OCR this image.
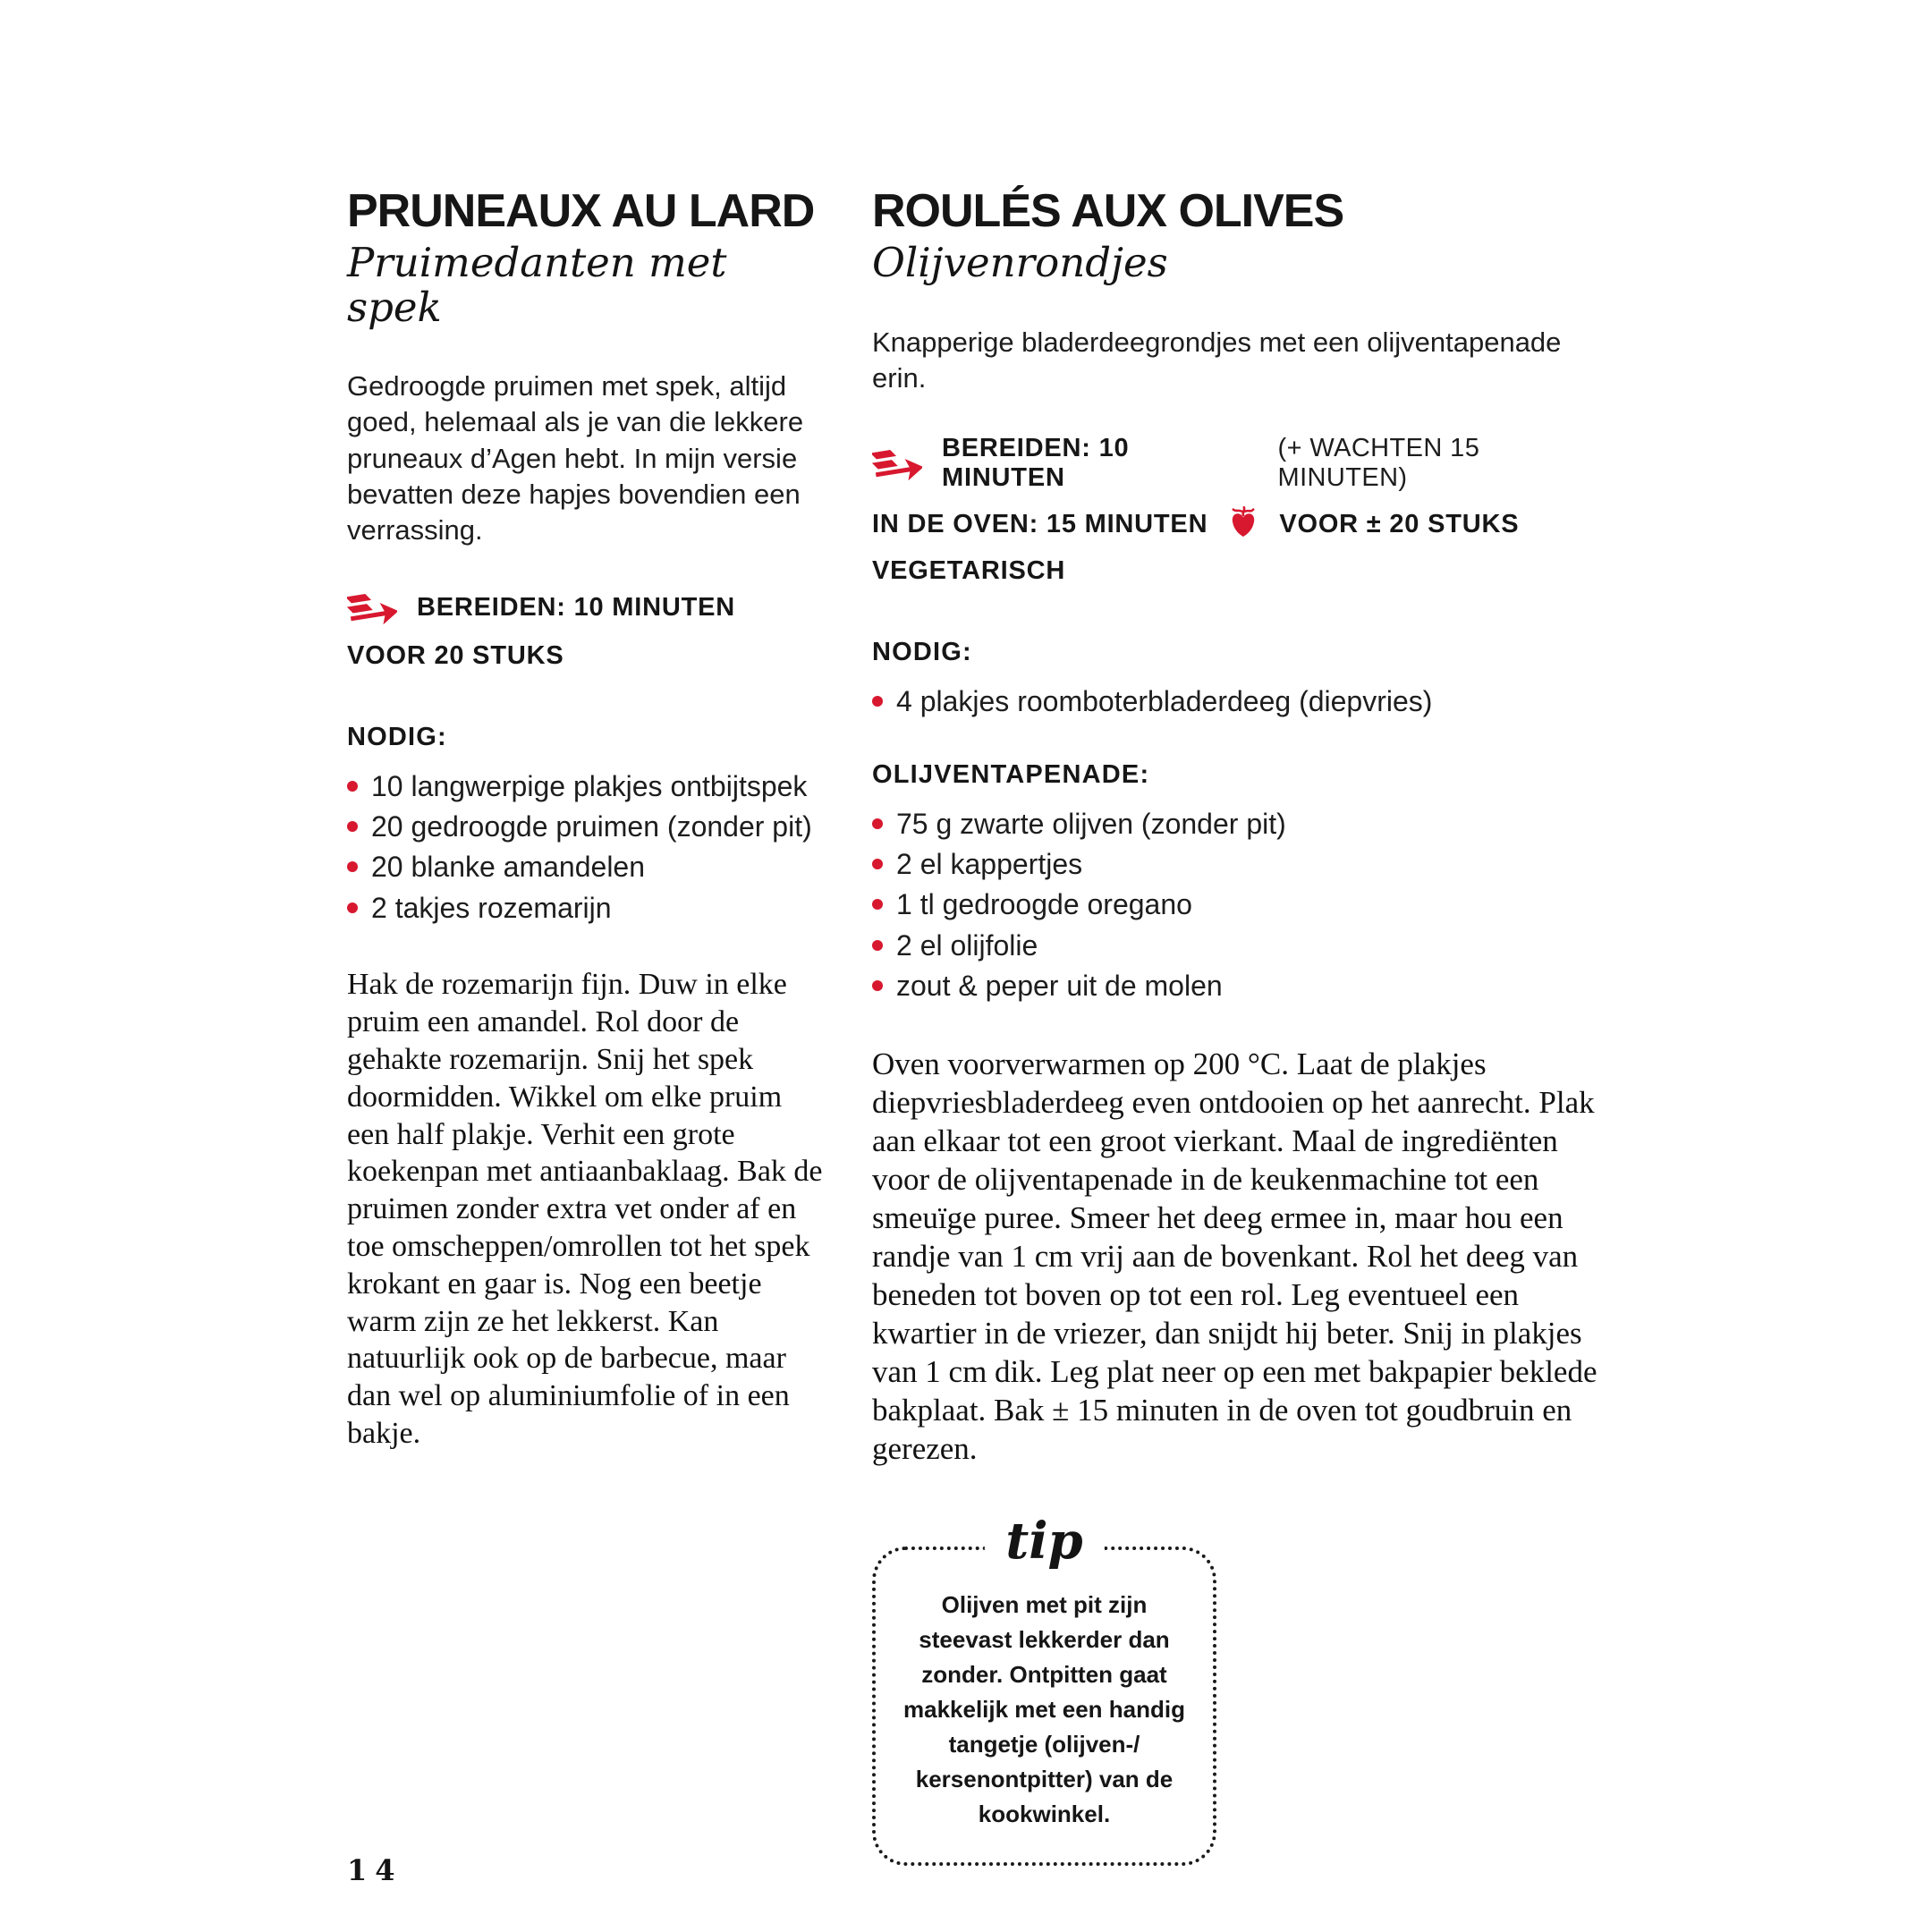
PRUNEAUX AU LARD
Pruimedanten met spek

Gedroogde pruimen met spek, altijd goed, helemaal als je van die lekkere pruneaux d’Agen hebt. In mijn versie bevatten deze hapjes bovendien een verrassing.

BEREIDEN: 10 MINUTEN
VOOR 20 STUKS
NODIG:
10 langwerpige plakjes ontbijtspek
20 gedroogde pruimen (zonder pit)
20 blanke amandelen
2 takjes rozemarijn

Hak de rozemarijn fijn. Duw in elke pruim een amandel. Rol door de gehakte rozemarijn. Snij het spek doormidden. Wikkel om elke pruim een half plakje. Verhit een grote koekenpan met antiaanbaklaag. Bak de pruimen zonder extra vet onder af en toe omscheppen/omrollen tot het spek krokant en gaar is. Nog een beetje warm zijn ze het lekkerst. Kan natuurlijk ook op de barbecue, maar dan wel op aluminiumfolie of in een bakje.

ROULÉS AUX OLIVES
Olijvenrondjes

Knapperige bladerdeegrondjes met een olijventapenade erin.

BEREIDEN: 10 MINUTEN
(+ WACHTEN 15 MINUTEN)
IN DE OVEN: 15 MINUTEN	VOOR ± 20 STUKS
VEGETARISCH
NODIG:
4 plakjes roomboterbladerdeeg (diepvries)
OLIJVENTAPENADE:
75 g zwarte olijven (zonder pit)
2 el kappertjes
1 tl gedroogde oregano
2 el olijfolie
zout & peper uit de molen

Oven voorverwarmen op 200 °C. Laat de plakjes diepvriesbladerdeeg even ontdooien op het aanrecht. Plak aan elkaar tot een groot vierkant. Maal de ingrediënten voor de olijventapenade in de keukenmachine tot een smeuïge puree. Smeer het deeg ermee in, maar hou een randje van 1 cm vrij aan de bovenkant. Rol het deeg van beneden tot boven op tot een rol. Leg eventueel een kwartier in de vriezer, dan snijdt hij beter. Snij in plakjes van 1 cm dik. Leg plat neer op een met bakpapier beklede bakplaat. Bak ± 15 minuten in de oven tot goudbruin en gerezen.

tip
Olijven met pit zijn steevast lekkerder dan zonder. Ontpitten gaat makkelijk met een handig tangetje (olijven-/ kersenontpitter) van de kookwinkel.
14
